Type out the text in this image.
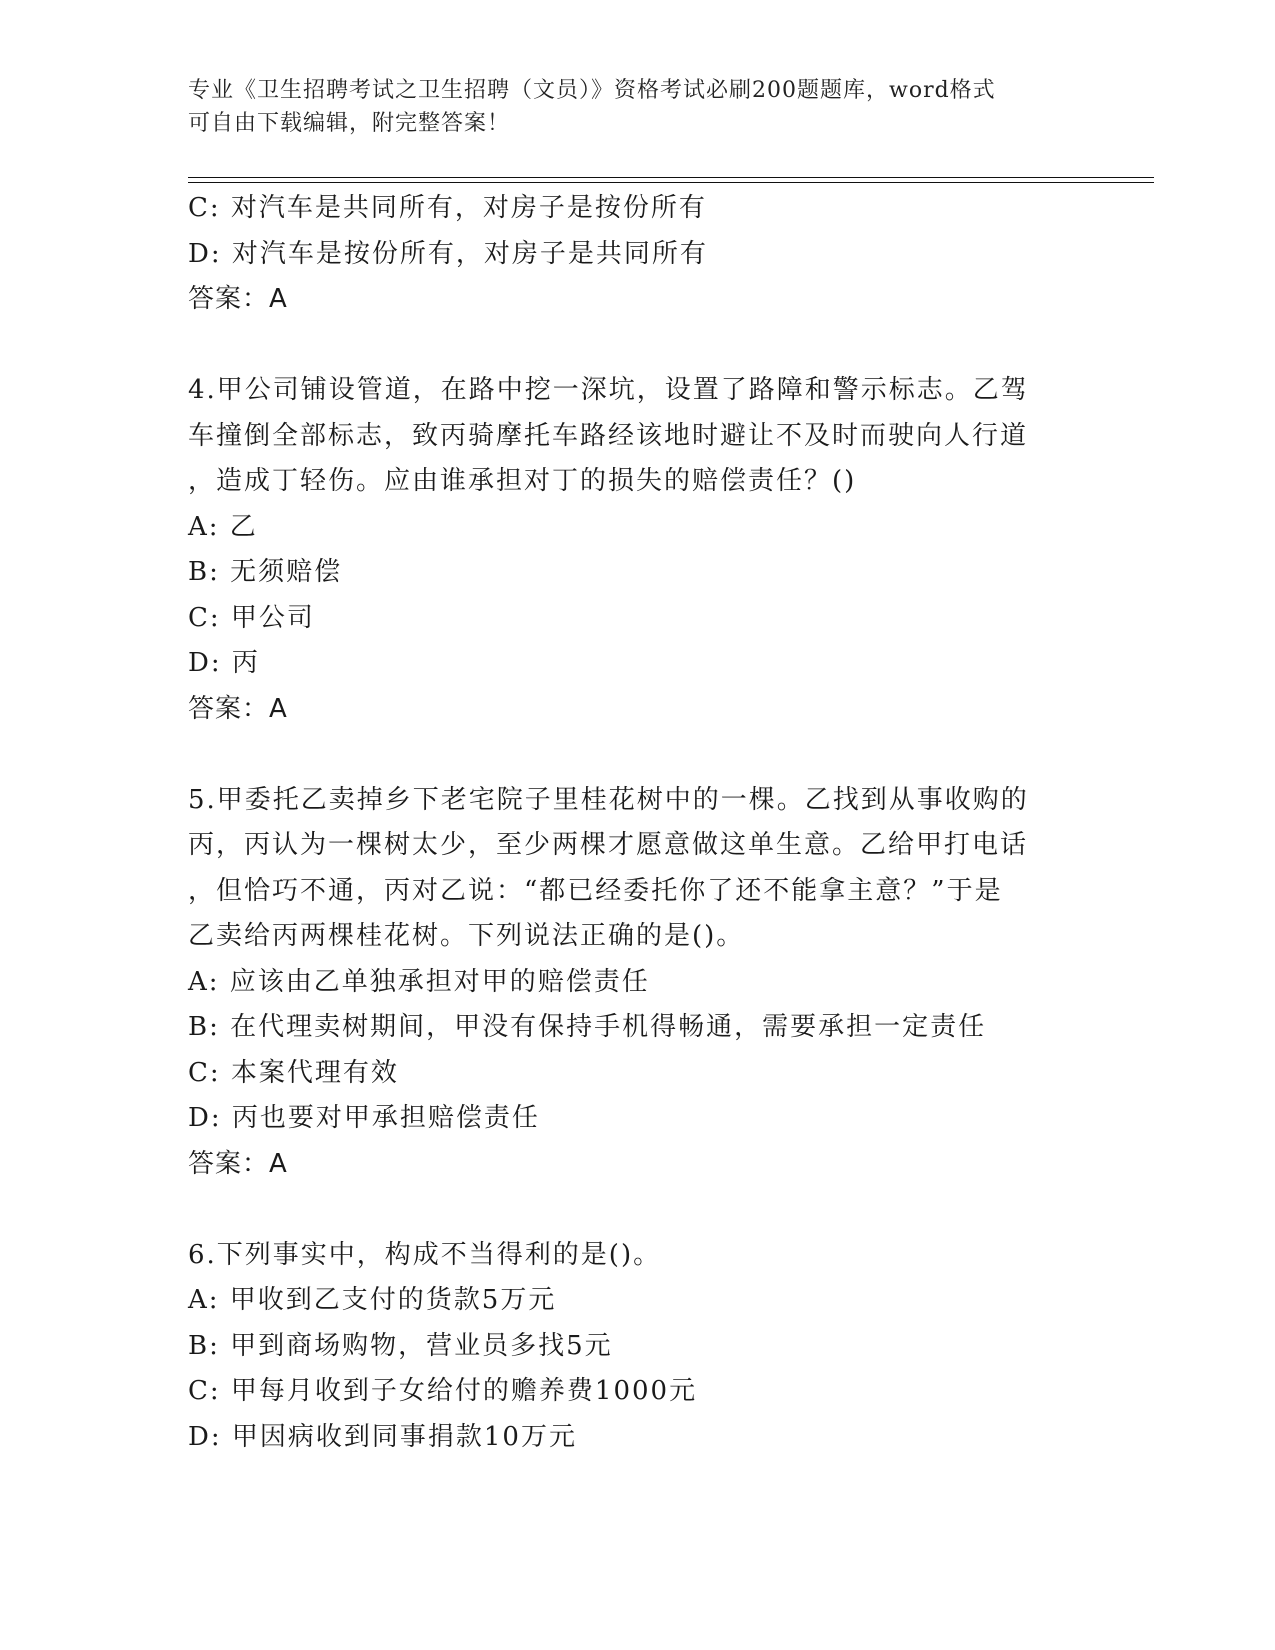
专业《卫生招聘考试之卫生招聘（文员）》资格考试必刷200题题库，word格式
可自由下载编辑，附完整答案！
C: 对汽车是共同所有，对房子是按份所有
D: 对汽车是按份所有，对房子是共同所有
答案：A
4.甲公司铺设管道，在路中挖一深坑，设置了路障和警示标志。乙驾
车撞倒全部标志，致丙骑摩托车路经该地时避让不及时而驶向人行道
，造成丁轻伤。应由谁承担对丁的损失的赔偿责任？()
A: 乙
B: 无须赔偿
C: 甲公司
D: 丙
答案：A
5.甲委托乙卖掉乡下老宅院子里桂花树中的一棵。乙找到从事收购的
丙，丙认为一棵树太少，至少两棵才愿意做这单生意。乙给甲打电话
，但恰巧不通，丙对乙说：“都已经委托你了还不能拿主意？”于是
乙卖给丙两棵桂花树。下列说法正确的是()。
A: 应该由乙单独承担对甲的赔偿责任
B: 在代理卖树期间，甲没有保持手机得畅通，需要承担一定责任
C: 本案代理有效
D: 丙也要对甲承担赔偿责任
答案：A
6.下列事实中，构成不当得利的是()。
A: 甲收到乙支付的货款5万元
B: 甲到商场购物，营业员多找5元
C: 甲每月收到子女给付的赡养费1000元
D: 甲因病收到同事捐款10万元
